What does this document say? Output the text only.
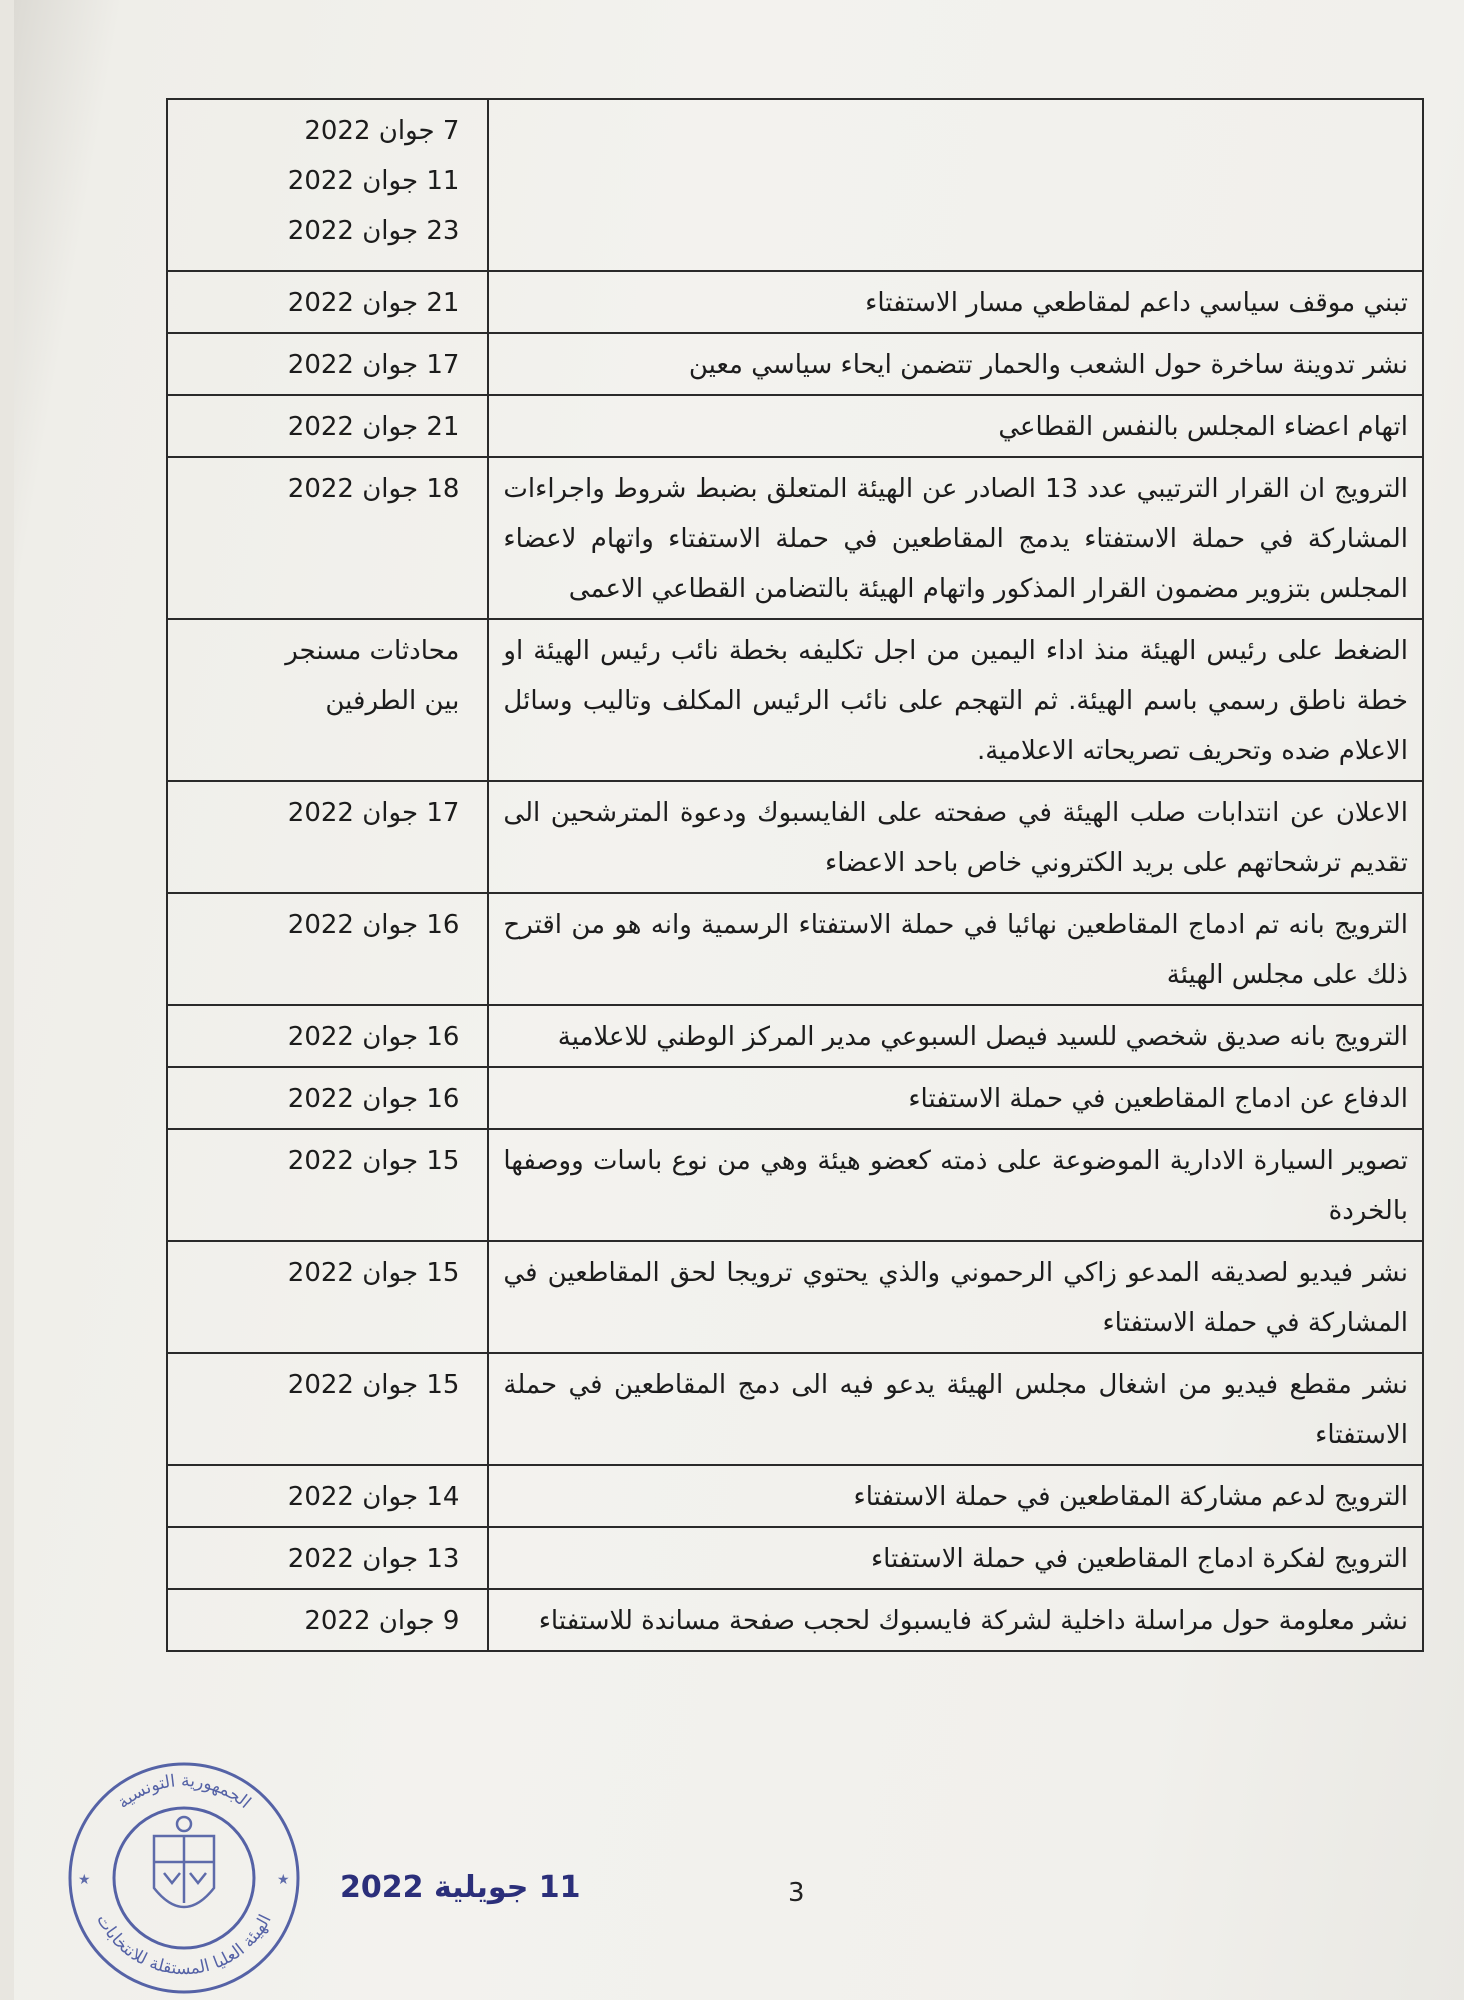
	7 جوان 2022
11 جوان 2022
23 جوان 2022

تبني موقف سياسي داعم لمقاطعي مسار الاستفتاء	21 جوان 2022

نشر تدوينة ساخرة حول الشعب والحمار تتضمن ايحاء سياسي معين	17 جوان 2022

اتهام اعضاء المجلس بالنفس القطاعي	21 جوان 2022

الترويج ان القرار الترتيبي عدد 13 الصادر عن الهيئة المتعلق بضبط شروط واجراءات المشاركة في حملة الاستفتاء يدمج المقاطعين في حملة الاستفتاء واتهام لاعضاء المجلس بتزوير مضمون القرار المذكور واتهام الهيئة بالتضامن القطاعي الاعمى	18 جوان 2022

الضغط على رئيس الهيئة منذ اداء اليمين من اجل تكليفه بخطة نائب رئيس الهيئة او خطة ناطق رسمي باسم الهيئة. ثم التهجم على نائب الرئيس المكلف وتاليب وسائل الاعلام ضده وتحريف تصريحاته الاعلامية.	محادثات مسنجر
بين الطرفين

الاعلان عن انتدابات صلب الهيئة في صفحته على الفايسبوك ودعوة المترشحين الى تقديم ترشحاتهم على بريد الكتروني خاص باحد الاعضاء	17 جوان 2022

الترويج بانه تم ادماج المقاطعين نهائيا في حملة الاستفتاء الرسمية وانه هو من اقترح ذلك على مجلس الهيئة	16 جوان 2022

الترويج بانه صديق شخصي للسيد فيصل السبوعي مدير المركز الوطني للاعلامية	16 جوان 2022

الدفاع عن ادماج المقاطعين في حملة الاستفتاء	16 جوان 2022

تصوير السيارة الادارية الموضوعة على ذمته كعضو هيئة وهي من نوع باسات ووصفها بالخردة	15 جوان 2022

نشر فيديو لصديقه المدعو زاكي الرحموني والذي يحتوي ترويجا لحق المقاطعين في المشاركة في حملة الاستفتاء	15 جوان 2022

نشر مقطع فيديو من اشغال مجلس الهيئة يدعو فيه الى دمج المقاطعين في حملة الاستفتاء	15 جوان 2022

الترويج لدعم مشاركة المقاطعين في حملة الاستفتاء	14 جوان 2022

الترويج لفكرة ادماج المقاطعين في حملة الاستفتاء	13 جوان 2022

نشر معلومة حول مراسلة داخلية لشركة فايسبوك لحجب صفحة مساندة للاستفتاء	9 جوان 2022
11 جويلية 2022	3
الجمهورية التونسية
الهيئة العليا المستقلة للانتخابات
★	★
